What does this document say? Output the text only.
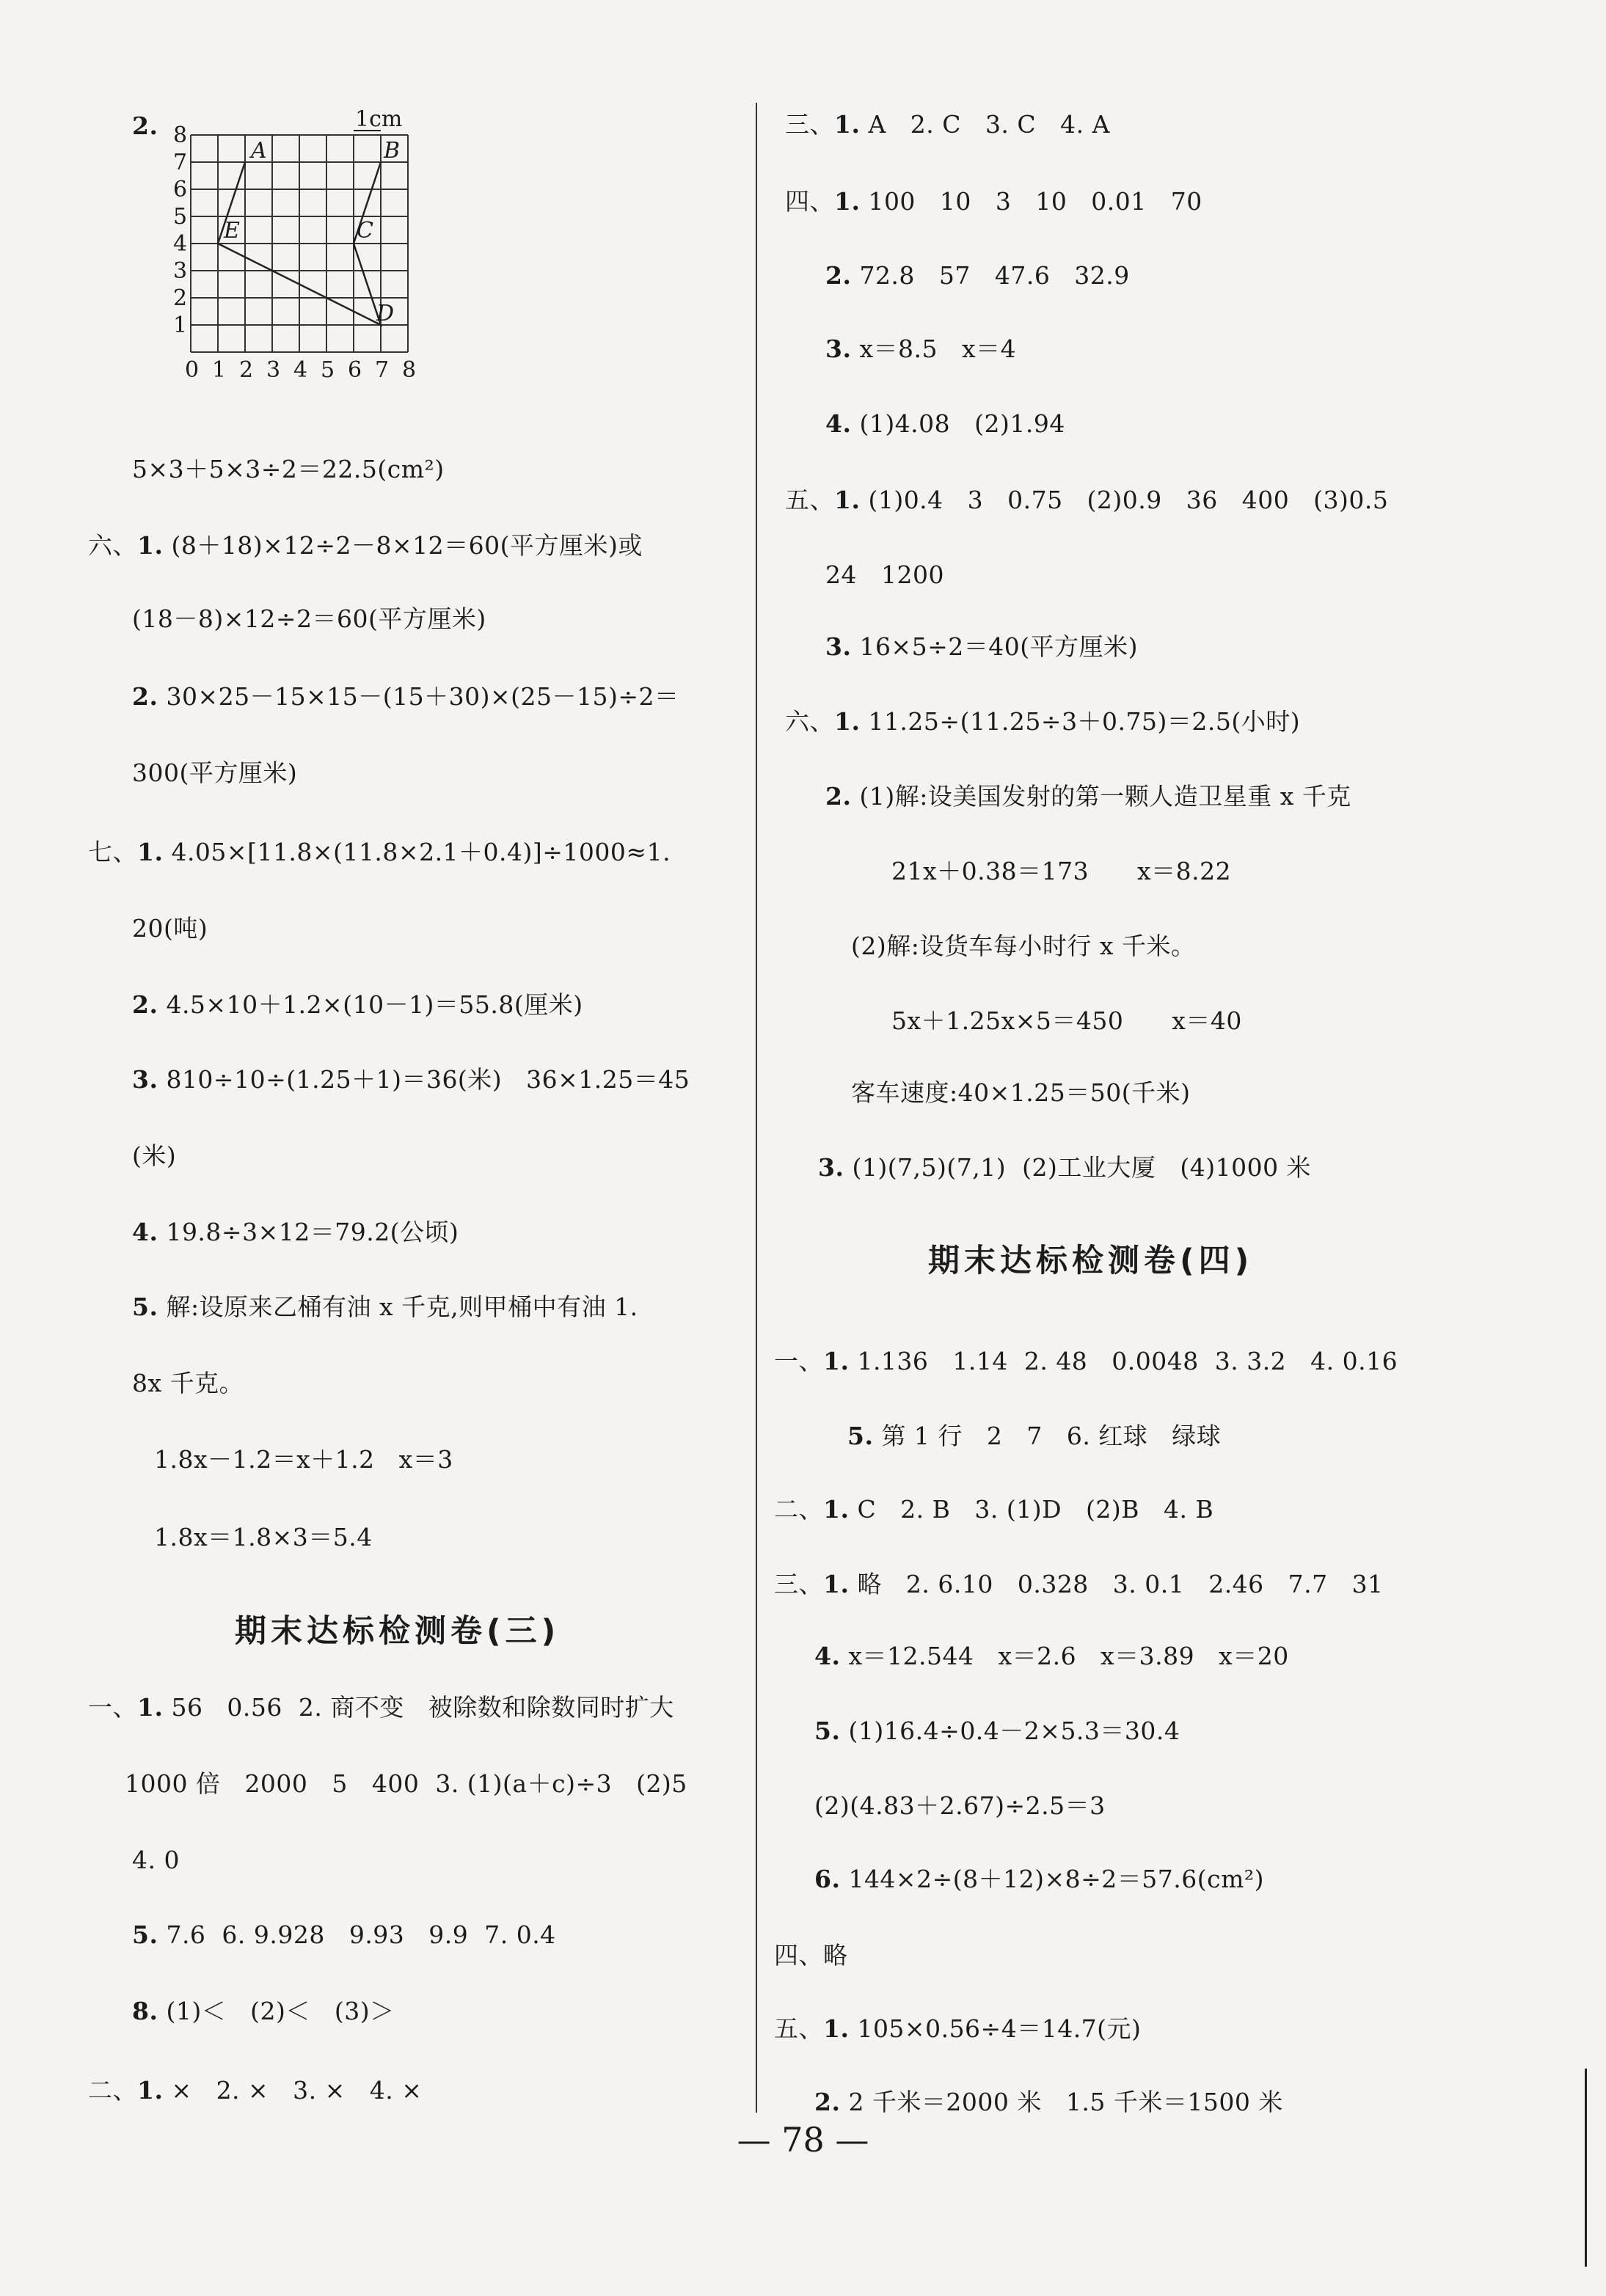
0 1 2 3 4 5 6 7 8
1
2
3
4
5
6
7
8
A	B
C
D
E
1cm
2.
5×3＋5×3÷2＝22.5(cm²)
六、1. (8＋18)×12÷2－8×12＝60(平方厘米)或
(18－8)×12÷2＝60(平方厘米)
2. 30×25－15×15－(15＋30)×(25－15)÷2＝
300(平方厘米)
七、1. 4.05×[11.8×(11.8×2.1＋0.4)]÷1000≈1.
20(吨)
2. 4.5×10＋1.2×(10－1)＝55.8(厘米)
3. 810÷10÷(1.25＋1)＝36(米)   36×1.25＝45
(米)
4. 19.8÷3×12＝79.2(公顷)
5. 解:设原来乙桶有油 x 千克,则甲桶中有油 1.
8x 千克。
1.8x－1.2＝x＋1.2   x＝3
1.8x＝1.8×3＝5.4
一、1. 56   0.56  2. 商不变   被除数和除数同时扩大
1000 倍   2000   5   400  3. (1)(a＋c)÷3   (2)5
4. 0
5. 7.6  6. 9.928   9.93   9.9  7. 0.4
8. (1)＜   (2)＜   (3)＞
二、1. ×   2. ×   3. ×   4. ×
期末达标检测卷(三)
三、1. A   2. C   3. C   4. A
四、1. 100   10   3   10   0.01   70
2. 72.8   57   47.6   32.9
3. x＝8.5   x＝4
4. (1)4.08   (2)1.94
五、1. (1)0.4   3   0.75   (2)0.9   36   400   (3)0.5
24   1200
3. 16×5÷2＝40(平方厘米)
六、1. 11.25÷(11.25÷3＋0.75)＝2.5(小时)
2. (1)解:设美国发射的第一颗人造卫星重 x 千克
21x＋0.38＝173      x＝8.22
(2)解:设货车每小时行 x 千米。
5x＋1.25x×5＝450      x＝40
客车速度:40×1.25＝50(千米)
3. (1)(7,5)(7,1)  (2)工业大厦   (4)1000 米
一、1. 1.136   1.14  2. 48   0.0048  3. 3.2   4. 0.16
5. 第 1 行   2   7   6. 红球   绿球
二、1. C   2. B   3. (1)D   (2)B   4. B
三、1. 略   2. 6.10   0.328   3. 0.1   2.46   7.7   31
4. x＝12.544   x＝2.6   x＝3.89   x＝20
5. (1)16.4÷0.4－2×5.3＝30.4
(2)(4.83＋2.67)÷2.5＝3
6. 144×2÷(8＋12)×8÷2＝57.6(cm²)
四、略
五、1. 105×0.56÷4＝14.7(元)
2. 2 千米＝2000 米   1.5 千米＝1500 米
期末达标检测卷(四)
— 78 —
